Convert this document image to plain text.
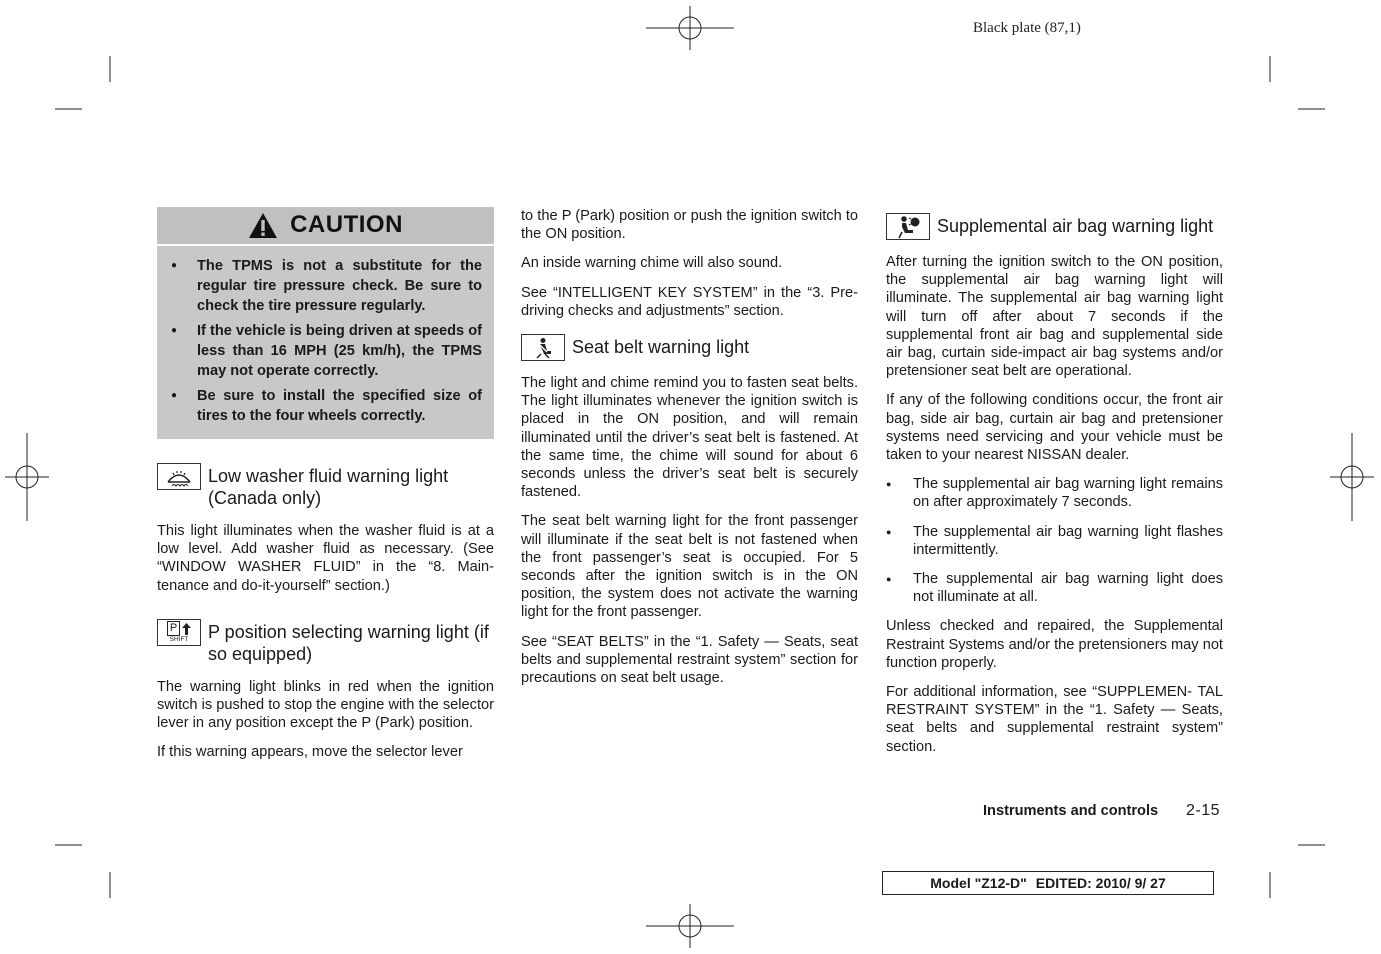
Black plate (87,1)
CAUTION
● The TPMS is not a substitute for the regular tire pressure check. Be sure to check the tire pressure regularly.
● If the vehicle is being driven at speeds of less than 16 MPH (25 km/h), the TPMS may not operate correctly.
● Be sure to install the specified size of tires to the four wheels correctly.
Low washer fluid warning light (Canada only)

This light illuminates when the washer fluid is at a low level. Add washer fluid as necessary. (See “WINDOW WASHER FLUID” in the “8. Main- tenance and do-it-yourself” section.)

P
SHIFT P position selecting warning light (if so equipped)

The warning light blinks in red when the ignition switch is pushed to stop the engine with the selector lever in any position except the P (Park) position.

If this warning appears, move the selector lever

to the P (Park) position or push the ignition switch to the ON position.

An inside warning chime will also sound.

See “INTELLIGENT KEY SYSTEM” in the “3. Pre-driving checks and adjustments” section.

Seat belt warning light

The light and chime remind you to fasten seat belts. The light illuminates whenever the ignition switch is placed in the ON position, and will remain illuminated until the driver’s seat belt is fastened. At the same time, the chime will sound for about 6 seconds unless the driver’s seat belt is securely fastened.

The seat belt warning light for the front passenger will illuminate if the seat belt is not fastened when the front passenger’s seat is occupied. For 5 seconds after the ignition switch is in the ON position, the system does not activate the warning light for the front passenger.

See “SEAT BELTS” in the “1. Safety — Seats, seat belts and supplemental restraint system” section for precautions on seat belt usage.

Supplemental air bag warning light

After turning the ignition switch to the ON position, the supplemental air bag warning light will illuminate. The supplemental air bag warning light will turn off after about 7 seconds if the supplemental front air bag and supplemental side air bag, curtain side-impact air bag systems and/or pretensioner seat belt are operational.

If any of the following conditions occur, the front air bag, side air bag, curtain air bag and pretensioner systems need servicing and your vehicle must be taken to your nearest NISSAN dealer.

● The supplemental air bag warning light remains on after approximately 7 seconds.
● The supplemental air bag warning light flashes intermittently.
● The supplemental air bag warning light does not illuminate at all.

Unless checked and repaired, the Supplemental Restraint Systems and/or the pretensioners may not function properly.

For additional information, see “SUPPLEMEN- TAL RESTRAINT SYSTEM” in the “1. Safety — Seats, seat belts and supplemental restraint system” section.

Instruments and controls 2-15
Model "Z12-D" EDITED: 2010/ 9/ 27
